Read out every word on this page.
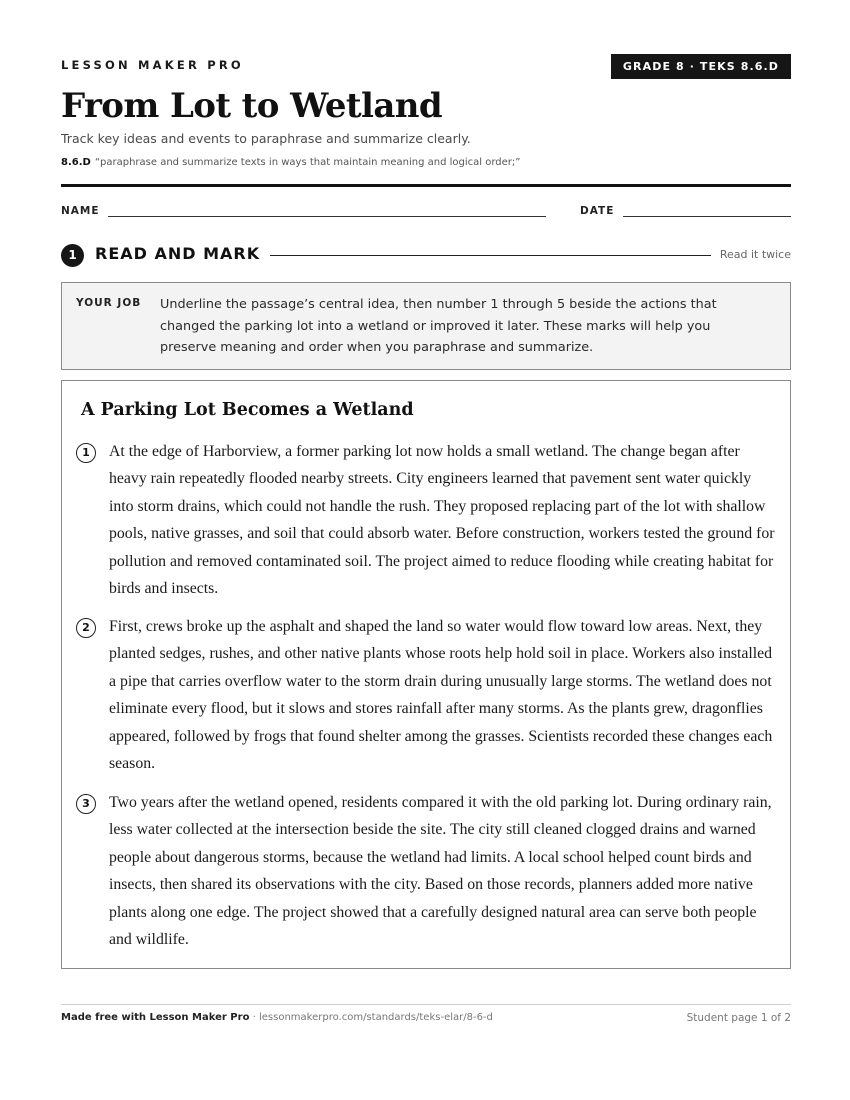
LESSON MAKER PRO	GRADE 8 · TEKS 8.6.D
From Lot to Wetland
Track key ideas and events to paraphrase and summarize clearly.
8.6.D “paraphrase and summarize texts in ways that maintain meaning and logical order;”
NAME	DATE
1	READ AND MARK	Read it twice
YOUR JOB Underline the passage’s central idea, then number 1 through 5 beside the actions that changed the parking lot into a wetland or improved it later. These marks will help you preserve meaning and order when you paraphrase and summarize.
A Parking Lot Becomes a Wetland
1	At the edge of Harborview, a former parking lot now holds a small wetland. The change began after heavy rain repeatedly flooded nearby streets. City engineers learned that pavement sent water quickly into storm drains, which could not handle the rush. They proposed replacing part of the lot with shallow pools, native grasses, and soil that could absorb water. Before construction, workers tested the ground for pollution and removed contaminated soil. The project aimed to reduce flooding while creating habitat for birds and insects.
2	First, crews broke up the asphalt and shaped the land so water would flow toward low areas. Next, they planted sedges, rushes, and other native plants whose roots help hold soil in place. Workers also installed a pipe that carries overflow water to the storm drain during unusually large storms. The wetland does not eliminate every flood, but it slows and stores rainfall after many storms. As the plants grew, dragonflies appeared, followed by frogs that found shelter among the grasses. Scientists recorded these changes each season.
3	Two years after the wetland opened, residents compared it with the old parking lot. During ordinary rain, less water collected at the intersection beside the site. The city still cleaned clogged drains and warned people about dangerous storms, because the wetland had limits. A local school helped count birds and insects, then shared its observations with the city. Based on those records, planners added more native plants along one edge. The project showed that a carefully designed natural area can serve both people and wildlife.
Made free with Lesson Maker Pro · lessonmakerpro.com/standards/teks-elar/8-6-d	Student page 1 of 2
